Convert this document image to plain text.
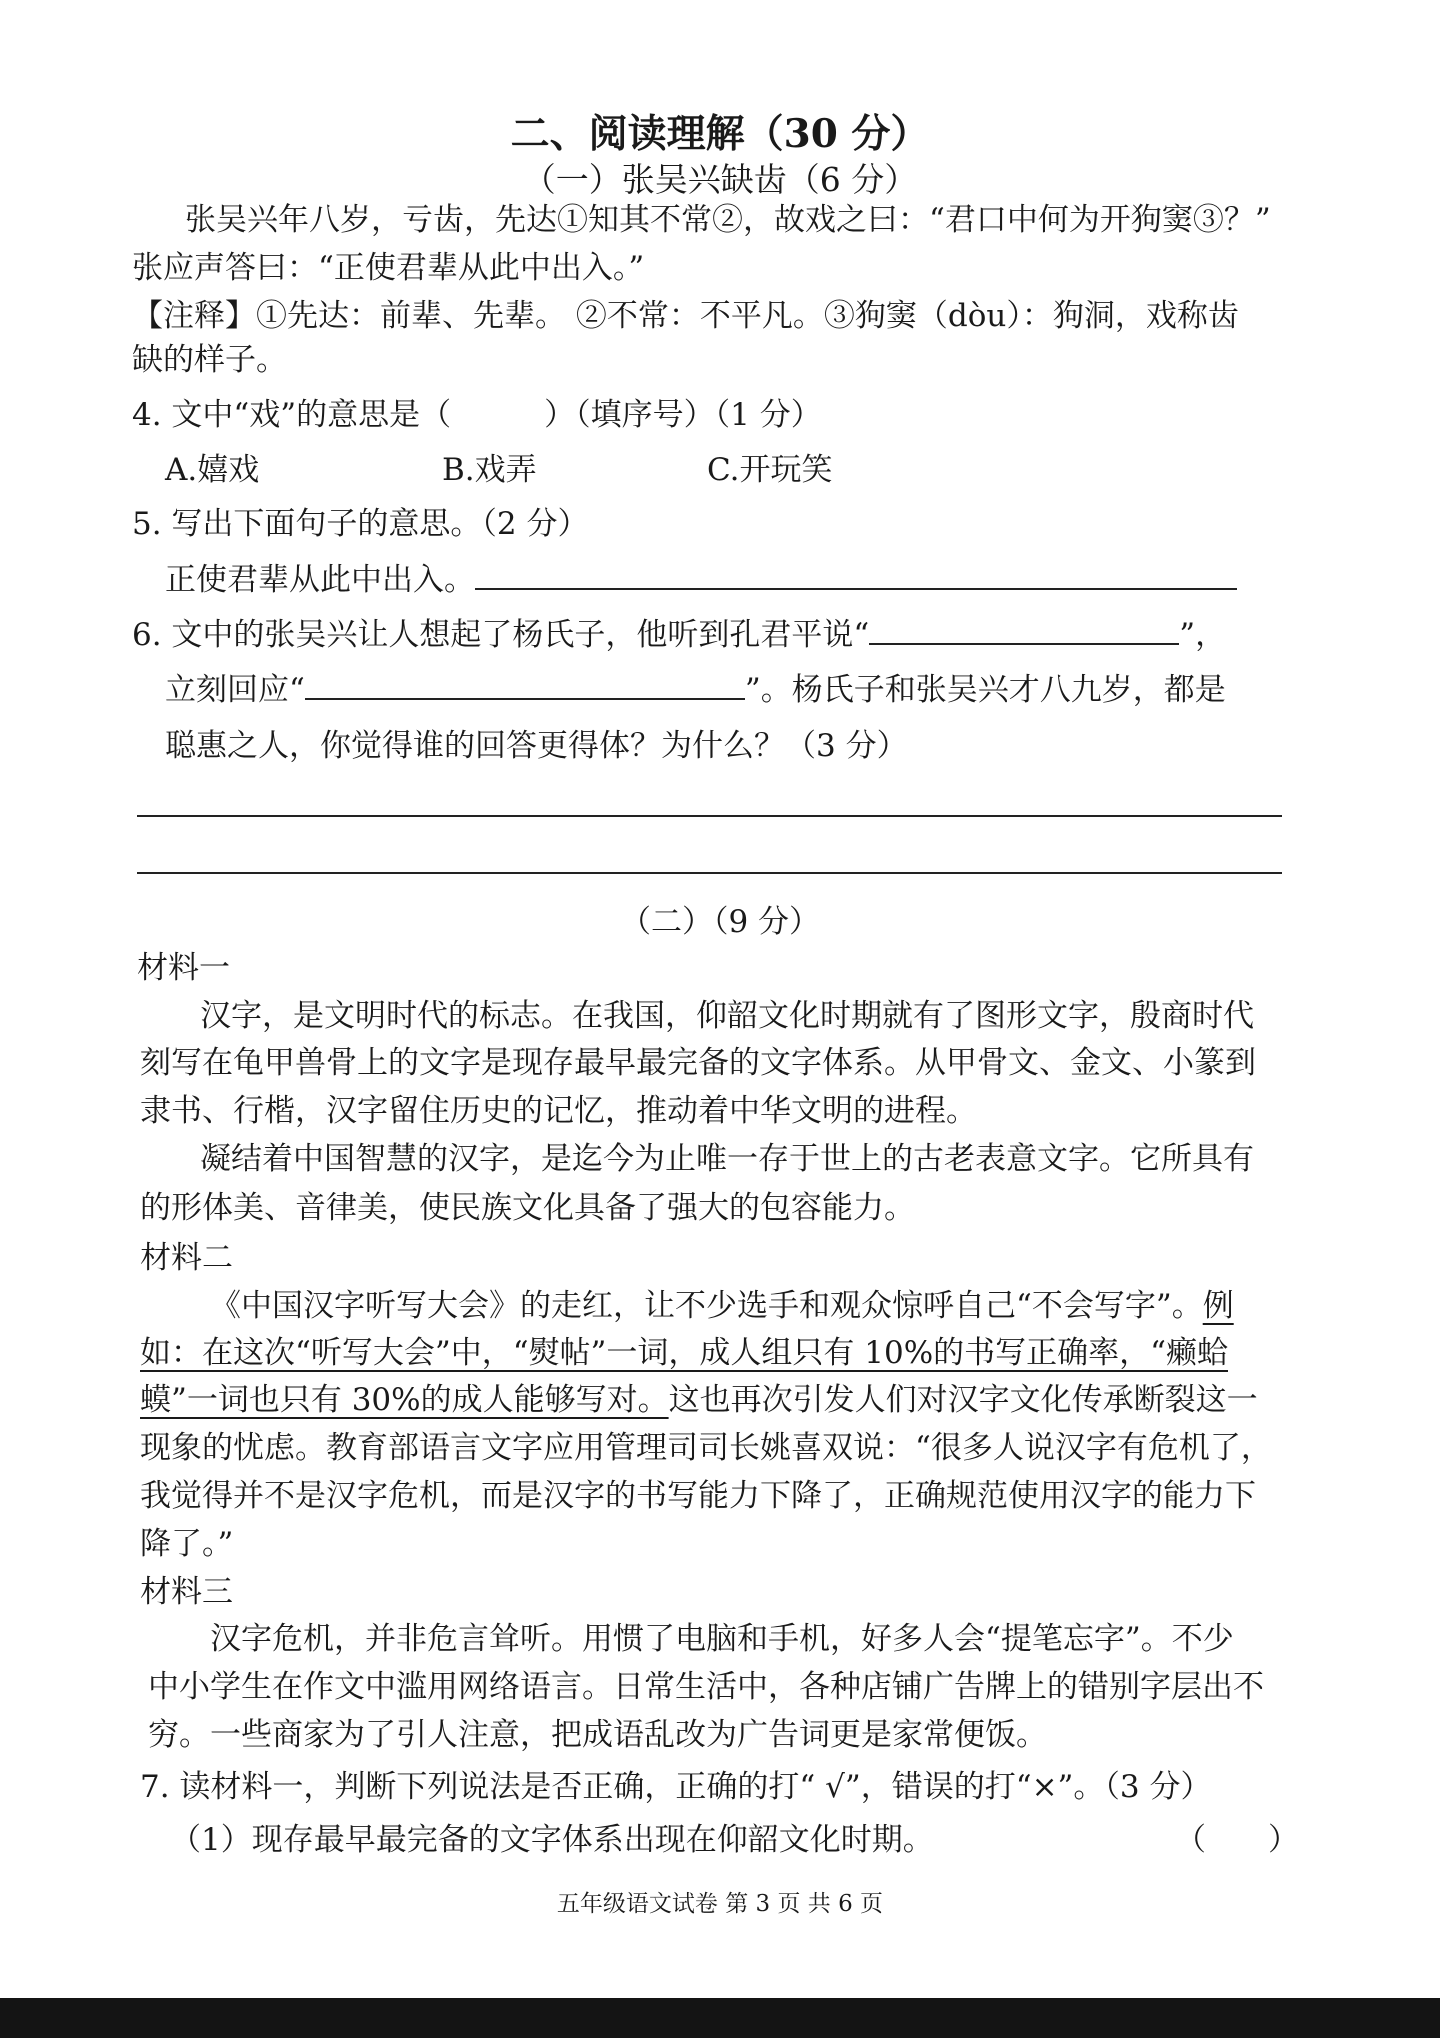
二、阅读理解（30 分）
（一）张吴兴缺齿（6 分）
张吴兴年八岁，亏齿，先达①知其不常②，故戏之曰：“君口中何为开狗窦③？”
张应声答曰：“正使君辈从此中出入。”
【注释】①先达：前辈、先辈。 ②不常：不平凡。③狗窦（dòu）：狗洞，戏称齿
缺的样子。
4. 文中“戏”的意思是（　　　）（填序号）（1 分）
A.嬉戏	B.戏弄	C.开玩笑
5. 写出下面句子的意思。（2 分）
正使君辈从此中出入。
6. 文中的张吴兴让人想起了杨氏子，他听到孔君平说“	”，
立刻回应“	”。杨氏子和张吴兴才八九岁，都是
聪惠之人，你觉得谁的回答更得体？为什么？（3 分）
（二）（9 分）
材料一
汉字，是文明时代的标志。在我国，仰韶文化时期就有了图形文字，殷商时代
刻写在龟甲兽骨上的文字是现存最早最完备的文字体系。从甲骨文、金文、小篆到
隶书、行楷，汉字留住历史的记忆，推动着中华文明的进程。
凝结着中国智慧的汉字，是迄今为止唯一存于世上的古老表意文字。它所具有
的形体美、音律美，使民族文化具备了强大的包容能力。
材料二
《中国汉字听写大会》的走红，让不少选手和观众惊呼自己“不会写字”。例
如：在这次“听写大会”中，“熨帖”一词，成人组只有 10%的书写正确率，“癞蛤
蟆”一词也只有 30%的成人能够写对。这也再次引发人们对汉字文化传承断裂这一
现象的忧虑。教育部语言文字应用管理司司长姚喜双说：“很多人说汉字有危机了，
我觉得并不是汉字危机，而是汉字的书写能力下降了，正确规范使用汉字的能力下
降了。”
材料三
汉字危机，并非危言耸听。用惯了电脑和手机，好多人会“提笔忘字”。不少
中小学生在作文中滥用网络语言。日常生活中，各种店铺广告牌上的错别字层出不
穷。一些商家为了引人注意，把成语乱改为广告词更是家常便饭。
7. 读材料一，判断下列说法是否正确，正确的打“ √”，错误的打“×”。（3 分）
（1）现存最早最完备的文字体系出现在仰韶文化时期。	（　　）
五年级语文试卷 第 3 页 共 6 页
